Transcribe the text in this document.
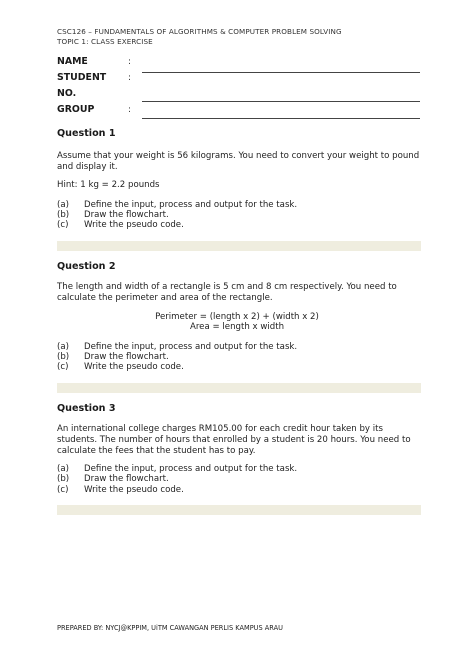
CSC126 – FUNDAMENTALS OF ALGORITHMS & COMPUTER PROBLEM SOLVING
TOPIC 1: CLASS EXERCISE
NAME	:
STUDENT :
NO.
GROUP	:
Question 1
Assume that your weight is 56 kilograms. You need to convert your weight to pound and display it.
Hint: 1 kg = 2.2 pounds
(a) Define the input, process and output for the task.
(b) Draw the flowchart.
(c) Write the pseudo code.
Question 2
The length and width of a rectangle is 5 cm and 8 cm respectively. You need to calculate the perimeter and area of the rectangle.
Perimeter = (length x 2) + (width x 2)
Area = length x width
(a) Define the input, process and output for the task.
(b) Draw the flowchart.
(c) Write the pseudo code.
Question 3
An international college charges RM105.00 for each credit hour taken by its students. The number of hours that enrolled by a student is 20 hours. You need to calculate the fees that the student has to pay.
(a) Define the input, process and output for the task.
(b) Draw the flowchart.
(c) Write the pseudo code.
PREPARED BY: NYCJ@KPPIM, UiTM CAWANGAN PERLIS KAMPUS ARAU
